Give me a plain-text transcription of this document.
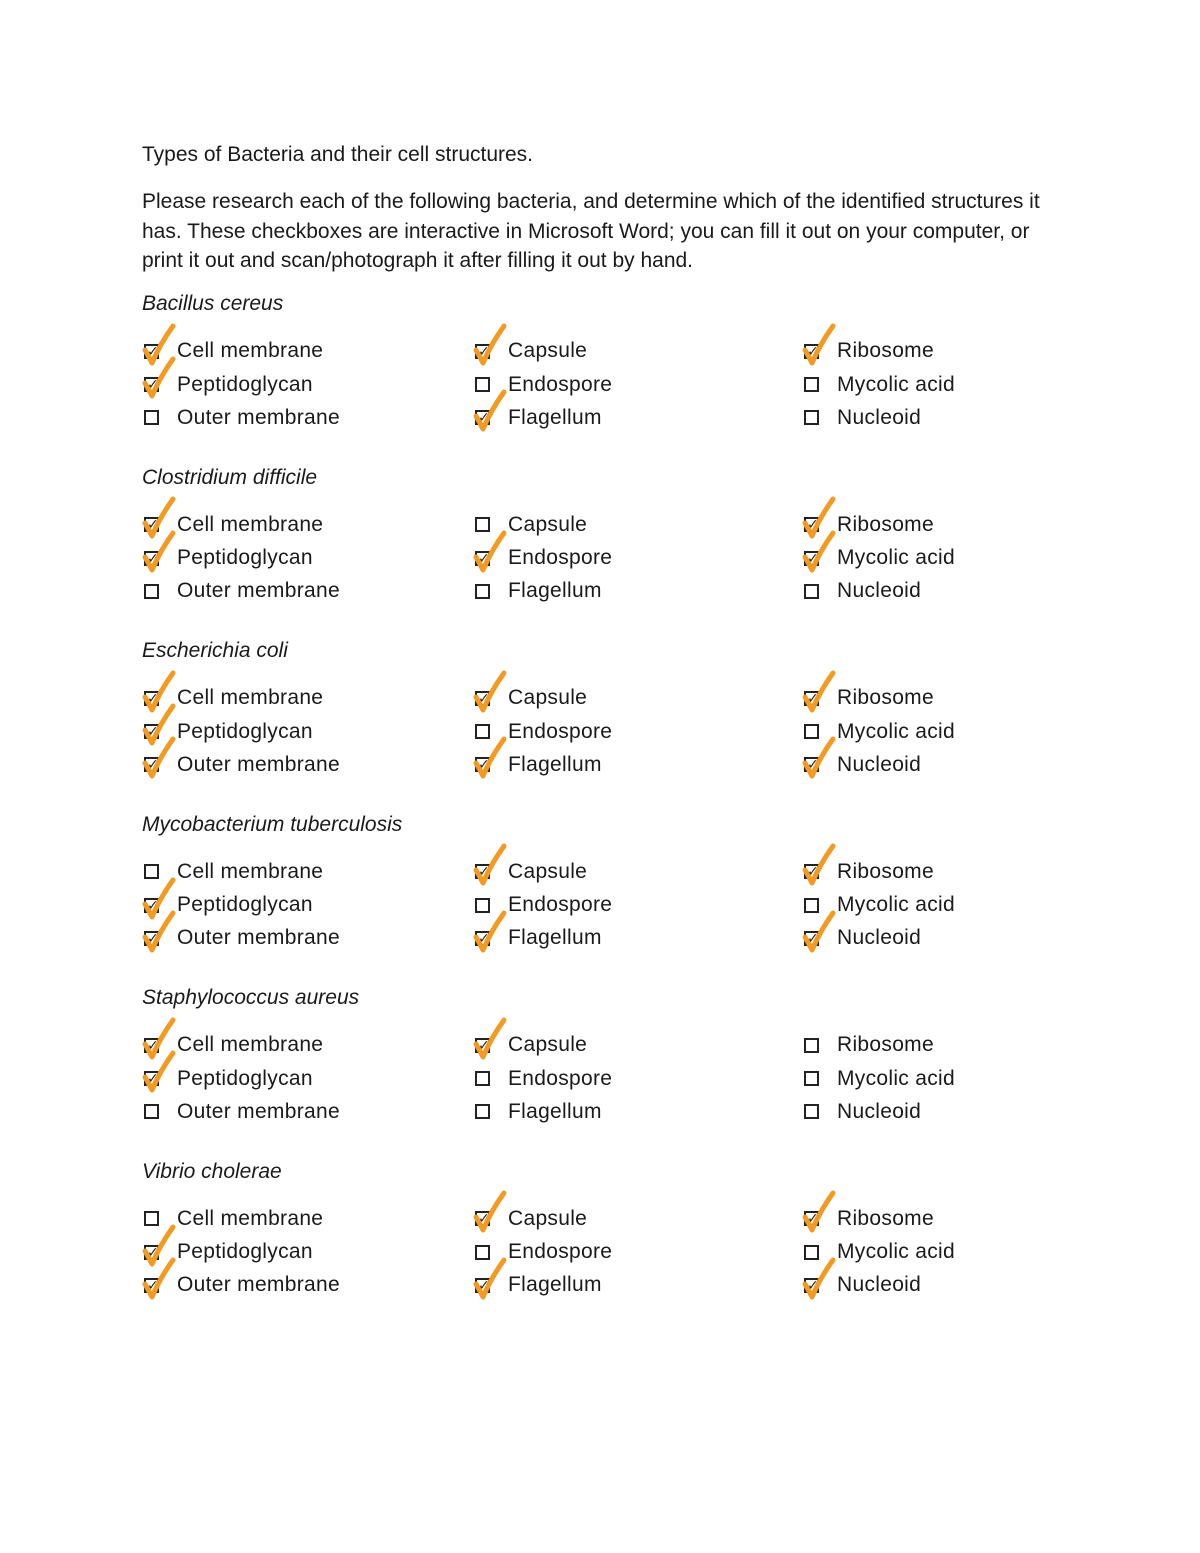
Types of Bacteria and their cell structures.

Please research each of the following bacteria, and determine which of the identified structures it has. These checkboxes are interactive in Microsoft Word; you can fill it out on your computer, or print it out and scan/photograph it after filling it out by hand.

Bacillus cereus
✓ Cell membrane
✓ Peptidoglycan
Outer membrane
✓ Capsule
Endospore
✓ Flagellum
✓ Ribosome
Mycolic acid
Nucleoid
Clostridium difficile
✓ Cell membrane
✓ Peptidoglycan
Outer membrane
Capsule
✓ Endospore
Flagellum
✓ Ribosome
✓ Mycolic acid
Nucleoid
Escherichia coli
✓ Cell membrane
✓ Peptidoglycan
✓ Outer membrane
✓ Capsule
Endospore
✓ Flagellum
✓ Ribosome
Mycolic acid
✓ Nucleoid
Mycobacterium tuberculosis
Cell membrane
✓ Peptidoglycan
✓ Outer membrane
✓ Capsule
Endospore
✓ Flagellum
✓ Ribosome
Mycolic acid
✓ Nucleoid
Staphylococcus aureus
✓ Cell membrane
✓ Peptidoglycan
Outer membrane
✓ Capsule
Endospore
Flagellum
Ribosome
Mycolic acid
Nucleoid
Vibrio cholerae
Cell membrane
✓ Peptidoglycan
✓ Outer membrane
✓ Capsule
Endospore
✓ Flagellum
✓ Ribosome
Mycolic acid
✓ Nucleoid
